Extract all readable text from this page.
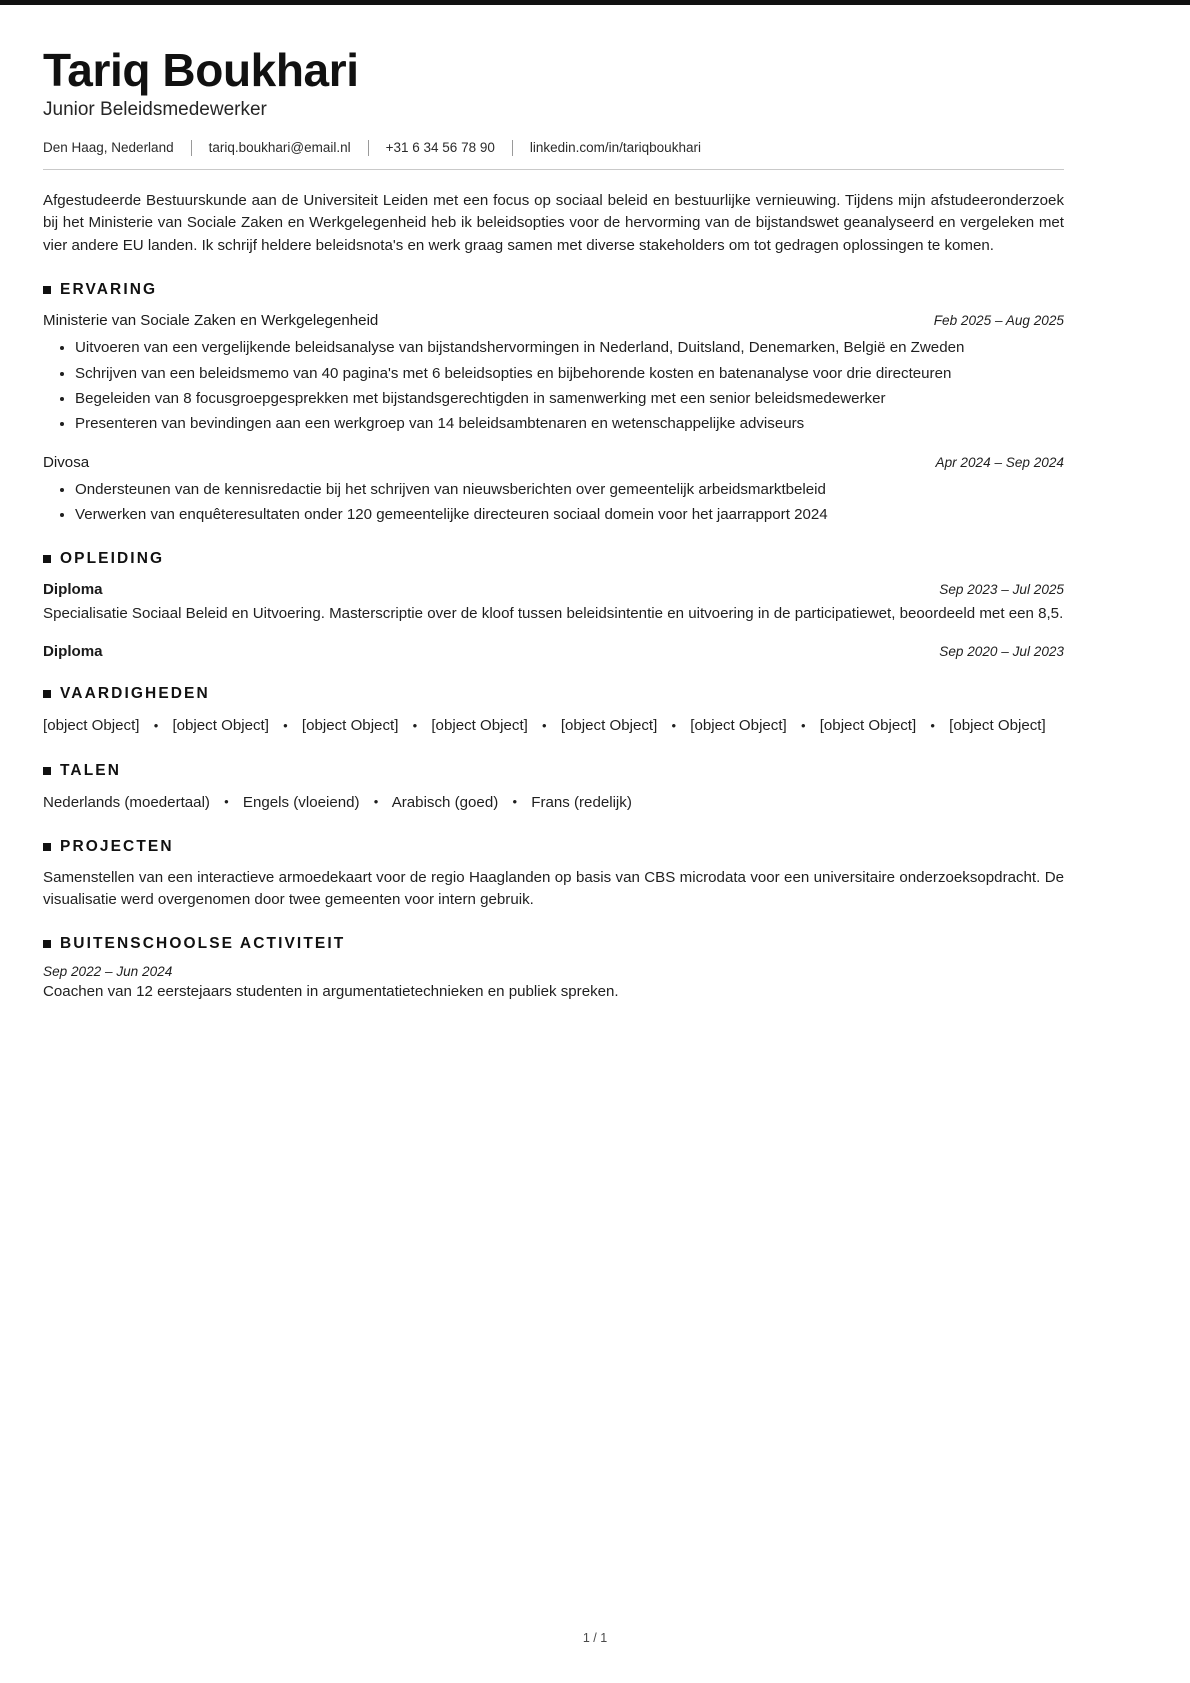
Tariq Boukhari
Junior Beleidsmedewerker
Den Haag, Nederland	tariq.boukhari@email.nl	+31 6 34 56 78 90	linkedin.com/in/tariqboukhari

Afgestudeerde Bestuurskunde aan de Universiteit Leiden met een focus op sociaal beleid en bestuurlijke vernieuwing. Tijdens mijn afstudeeronderzoek bij het Ministerie van Sociale Zaken en Werkgelegenheid heb ik beleidsopties voor de hervorming van de bijstandswet geanalyseerd en vergeleken met vier andere EU landen. Ik schrijf heldere beleidsnota's en werk graag samen met diverse stakeholders om tot gedragen oplossingen te komen.

ERVARING
Ministerie van Sociale Zaken en Werkgelegenheid	Feb 2025 – Aug 2025
Uitvoeren van een vergelijkende beleidsanalyse van bijstandshervormingen in Nederland, Duitsland, Denemarken, België en Zweden
Schrijven van een beleidsmemo van 40 pagina's met 6 beleidsopties en bijbehorende kosten en batenanalyse voor drie directeuren
Begeleiden van 8 focusgroepgesprekken met bijstandsgerechtigden in samenwerking met een senior beleidsmedewerker
Presenteren van bevindingen aan een werkgroep van 14 beleidsambtenaren en wetenschappelijke adviseurs
Divosa	Apr 2024 – Sep 2024
Ondersteunen van de kennisredactie bij het schrijven van nieuwsberichten over gemeentelijk arbeidsmarktbeleid
Verwerken van enquêteresultaten onder 120 gemeentelijke directeuren sociaal domein voor het jaarrapport 2024
OPLEIDING
Diploma	Sep 2023 – Jul 2025
Specialisatie Sociaal Beleid en Uitvoering. Masterscriptie over de kloof tussen beleidsintentie en uitvoering in de participatiewet, beoordeeld met een 8,5.
Diploma	Sep 2020 – Jul 2023
VAARDIGHEDEN
[object Object] • [object Object] • [object Object] • [object Object] • [object Object] • [object Object] • [object Object] • [object Object]
TALEN
Nederlands (moedertaal) • Engels (vloeiend) • Arabisch (goed) • Frans (redelijk)
PROJECTEN

Samenstellen van een interactieve armoedekaart voor de regio Haaglanden op basis van CBS microdata voor een universitaire onderzoeksopdracht. De visualisatie werd overgenomen door twee gemeenten voor intern gebruik.

BUITENSCHOOLSE ACTIVITEIT
Sep 2022 – Jun 2024

Coachen van 12 eerstejaars studenten in argumentatietechnieken en publiek spreken.

1 / 1
